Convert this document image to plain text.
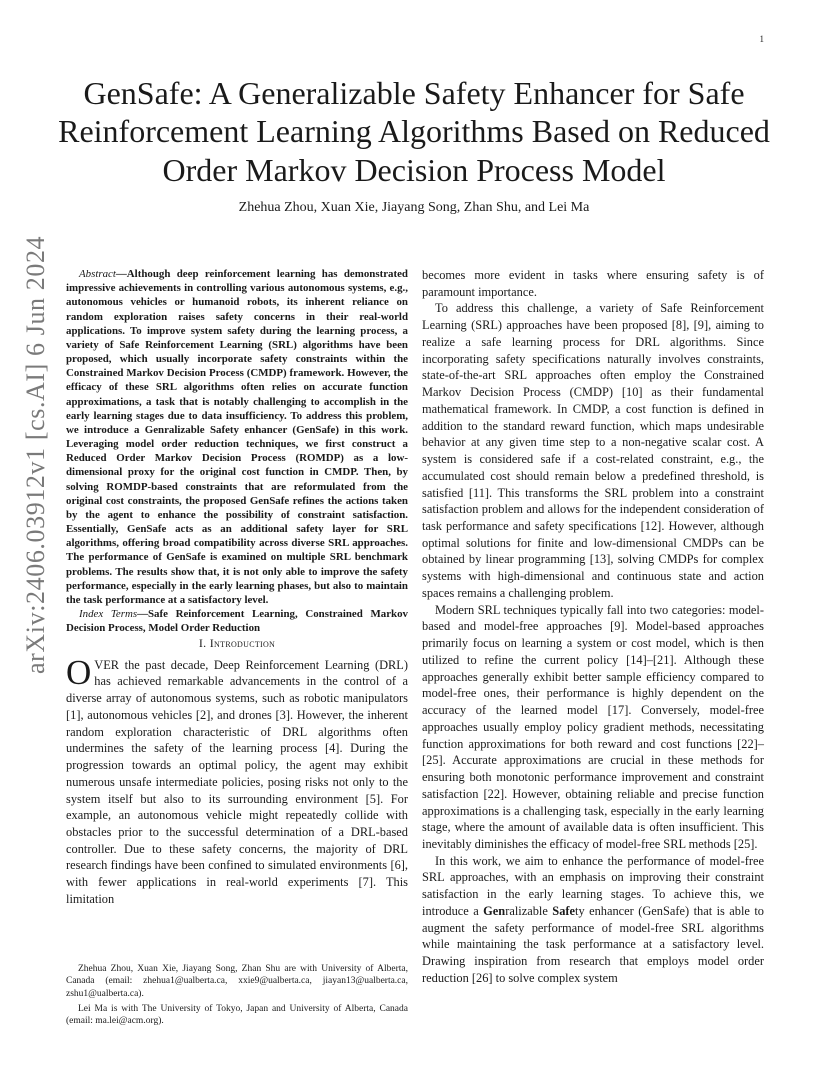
1
arXiv:2406.03912v1 [cs.AI] 6 Jun 2024
GenSafe: A Generalizable Safety Enhancer for Safe Reinforcement Learning Algorithms Based on Reduced Order Markov Decision Process Model

Zhehua Zhou, Xuan Xie, Jiayang Song, Zhan Shu, and Lei Ma

Abstract—Although deep reinforcement learning has demonstrated impressive achievements in controlling various autonomous systems, e.g., autonomous vehicles or humanoid robots, its inherent reliance on random exploration raises safety concerns in their real-world applications. To improve system safety during the learning process, a variety of Safe Reinforcement Learning (SRL) algorithms have been proposed, which usually incorporate safety constraints within the Constrained Markov Decision Process (CMDP) framework. However, the efficacy of these SRL algorithms often relies on accurate function approximations, a task that is notably challenging to accomplish in the early learning stages due to data insufficiency. To address this problem, we introduce a Genralizable Safety enhancer (GenSafe) in this work. Leveraging model order reduction techniques, we first construct a Reduced Order Markov Decision Process (ROMDP) as a low-dimensional proxy for the original cost function in CMDP. Then, by solving ROMDP-based constraints that are reformulated from the original cost constraints, the proposed GenSafe refines the actions taken by the agent to enhance the possibility of constraint satisfaction. Essentially, GenSafe acts as an additional safety layer for SRL algorithms, offering broad compatibility across diverse SRL approaches. The performance of GenSafe is examined on multiple SRL benchmark problems. The results show that, it is not only able to improve the safety performance, especially in the early learning phases, but also to maintain the task performance at a satisfactory level.

Index Terms—Safe Reinforcement Learning, Constrained Markov Decision Process, Model Order Reduction

I. Introduction

OVER the past decade, Deep Reinforcement Learning (DRL) has achieved remarkable advancements in the control of a diverse array of autonomous systems, such as robotic manipulators [1], autonomous vehicles [2], and drones [3]. However, the inherent random exploration characteristic of DRL algorithms often undermines the safety of the learning process [4]. During the progression towards an optimal policy, the agent may exhibit numerous unsafe intermediate policies, posing risks not only to the system itself but also to its surrounding environment [5]. For example, an autonomous vehicle might repeatedly collide with obstacles prior to the successful determination of a DRL-based controller. Due to these safety concerns, the majority of DRL research findings have been confined to simulated environments [6], with fewer applications in real-world experiments [7]. This limitation

becomes more evident in tasks where ensuring safety is of paramount importance.

To address this challenge, a variety of Safe Reinforcement Learning (SRL) approaches have been proposed [8], [9], aiming to realize a safe learning process for DRL algorithms. Since incorporating safety specifications naturally involves constraints, state-of-the-art SRL approaches often employ the Constrained Markov Decision Process (CMDP) [10] as their fundamental mathematical framework. In CMDP, a cost function is defined in addition to the standard reward function, which maps undesirable behavior at any given time step to a non-negative scalar cost. A system is considered safe if a cost-related constraint, e.g., the accumulated cost should remain below a predefined threshold, is satisfied [11]. This transforms the SRL problem into a constraint satisfaction problem and allows for the independent consideration of task performance and safety specifications [12]. However, although optimal solutions for finite and low-dimensional CMDPs can be obtained by linear programming [13], solving CMDPs for complex systems with high-dimensional and continuous state and action spaces remains a challenging problem.

Modern SRL techniques typically fall into two categories: model-based and model-free approaches [9]. Model-based approaches primarily focus on learning a system or cost model, which is then utilized to refine the current policy [14]–[21]. Although these approaches generally exhibit better sample efficiency compared to model-free ones, their performance is highly dependent on the accuracy of the learned model [17]. Conversely, model-free approaches usually employ policy gradient methods, necessitating function approximations for both reward and cost functions [22]–[25]. Accurate approximations are crucial in these methods for ensuring both monotonic performance improvement and constraint satisfaction [22]. However, obtaining reliable and precise function approximations is a challenging task, especially in the early learning stage, where the amount of available data is often insufficient. This inevitably diminishes the efficacy of model-free SRL methods [25].

In this work, we aim to enhance the performance of model-free SRL approaches, with an emphasis on improving their constraint satisfaction in the early learning stages. To achieve this, we introduce a Genralizable Safety enhancer (GenSafe) that is able to augment the safety performance of model-free SRL algorithms while maintaining the task performance at a satisfactory level. Drawing inspiration from research that employs model order reduction [26] to solve complex system

Zhehua Zhou, Xuan Xie, Jiayang Song, Zhan Shu are with University of Alberta, Canada (email: zhehua1@ualberta.ca, xxie9@ualberta.ca, jiayan13@ualberta.ca, zshu1@ualberta.ca).

Lei Ma is with The University of Tokyo, Japan and University of Alberta, Canada (email: ma.lei@acm.org).
